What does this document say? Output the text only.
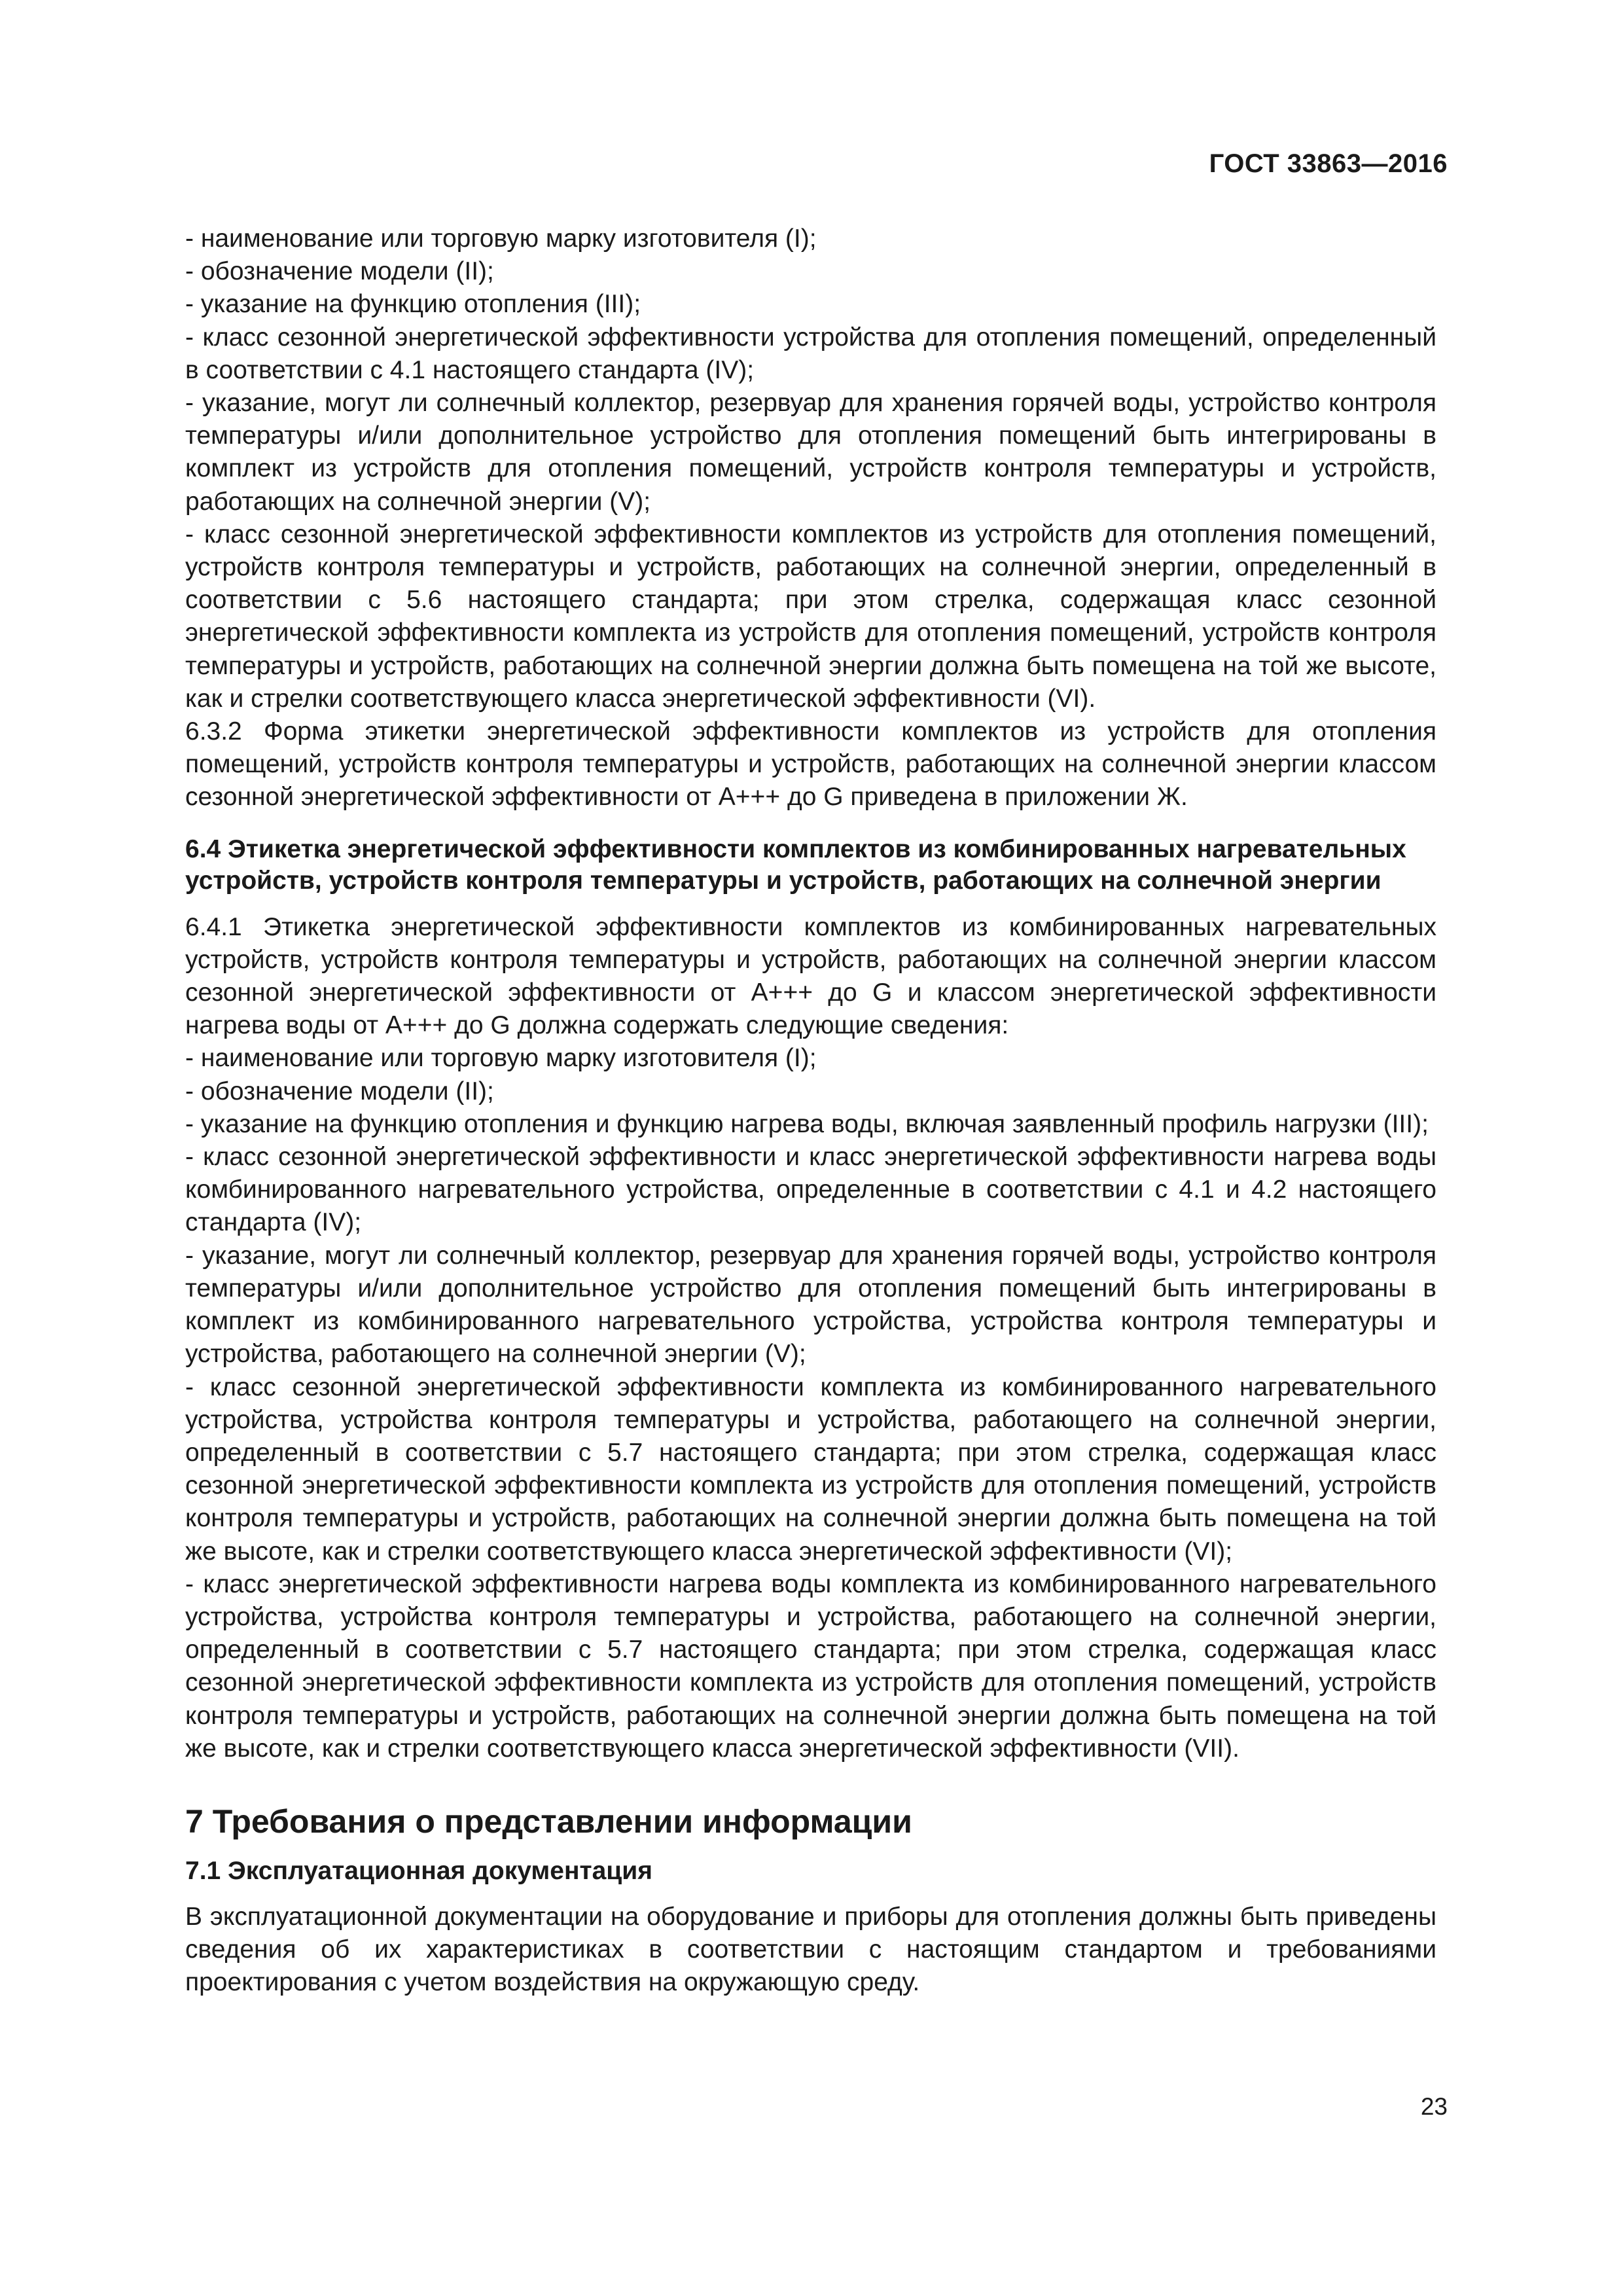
ГОСТ 33863—2016

- наименование или торговую марку изготовителя (I);

- обозначение модели (II);

- указание на функцию отопления (III);

- класс сезонной энергетической эффективности устройства для отопления помещений, определенный в соответствии с 4.1 настоящего стандарта (IV);

- указание, могут ли солнечный коллектор, резервуар для хранения горячей воды, устройство контроля температуры и/или дополнительное устройство для отопления помещений быть интегрированы в комплект из устройств для отопления помещений, устройств контроля температуры и устройств, работающих на солнечной энергии (V);

- класс сезонной энергетической эффективности комплектов из устройств для отопления помещений, устройств контроля температуры и устройств, работающих на солнечной энергии, определенный в соответствии с 5.6 настоящего стандарта; при этом стрелка, содержащая класс сезонной энергетической эффективности комплекта из устройств для отопления помещений, устройств контроля температуры и устройств, работающих на солнечной энергии должна быть помещена на той же высоте, как и стрелки соответствующего класса энергетической эффективности (VI).

6.3.2 Форма этикетки энергетической эффективности комплектов из устройств для отопления помещений, устройств контроля температуры и устройств, работающих на солнечной энергии классом сезонной энергетической эффективности от A+++ до G приведена в приложении Ж.

6.4 Этикетка энергетической эффективности комплектов из комбинированных нагревательных устройств, устройств контроля температуры и устройств, работающих на солнечной энергии

6.4.1 Этикетка энергетической эффективности комплектов из комбинированных нагревательных устройств, устройств контроля температуры и устройств, работающих на солнечной энергии классом сезонной энергетической эффективности от A+++ до G и классом энергетической эффективности нагрева воды от A+++ до G должна содержать следующие сведения:

- наименование или торговую марку изготовителя (I);

- обозначение модели (II);

- указание на функцию отопления и функцию нагрева воды, включая заявленный профиль нагрузки (III);

- класс сезонной энергетической эффективности и класс энергетической эффективности нагрева воды комбинированного нагревательного устройства, определенные в соответствии с 4.1 и 4.2 настоящего стандарта (IV);

- указание, могут ли солнечный коллектор, резервуар для хранения горячей воды, устройство контроля температуры и/или дополнительное устройство для отопления помещений быть интегрированы в комплект из комбинированного нагревательного устройства, устройства контроля температуры и устройства, работающего на солнечной энергии (V);

- класс сезонной энергетической эффективности комплекта из комбинированного нагревательного устройства, устройства контроля температуры и устройства, работающего на солнечной энергии, определенный в соответствии с 5.7 настоящего стандарта; при этом стрелка, содержащая класс сезонной энергетической эффективности комплекта из устройств для отопления помещений, устройств контроля температуры и устройств, работающих на солнечной энергии должна быть помещена на той же высоте, как и стрелки соответствующего класса энергетической эффективности (VI);

- класс энергетической эффективности нагрева воды комплекта из комбинированного нагревательного устройства, устройства контроля температуры и устройства, работающего на солнечной энергии, определенный в соответствии с 5.7 настоящего стандарта; при этом стрелка, содержащая класс сезонной энергетической эффективности комплекта из устройств для отопления помещений, устройств контроля температуры и устройств, работающих на солнечной энергии должна быть помещена на той же высоте, как и стрелки соответствующего класса энергетической эффективности (VII).

7 Требования о представлении информации
7.1 Эксплуатационная документация

В эксплуатационной документации на оборудование и приборы для отопления должны быть приведены сведения об их характеристиках в соответствии с настоящим стандартом и требованиями проектирования с учетом воздействия на окружающую среду.

23
